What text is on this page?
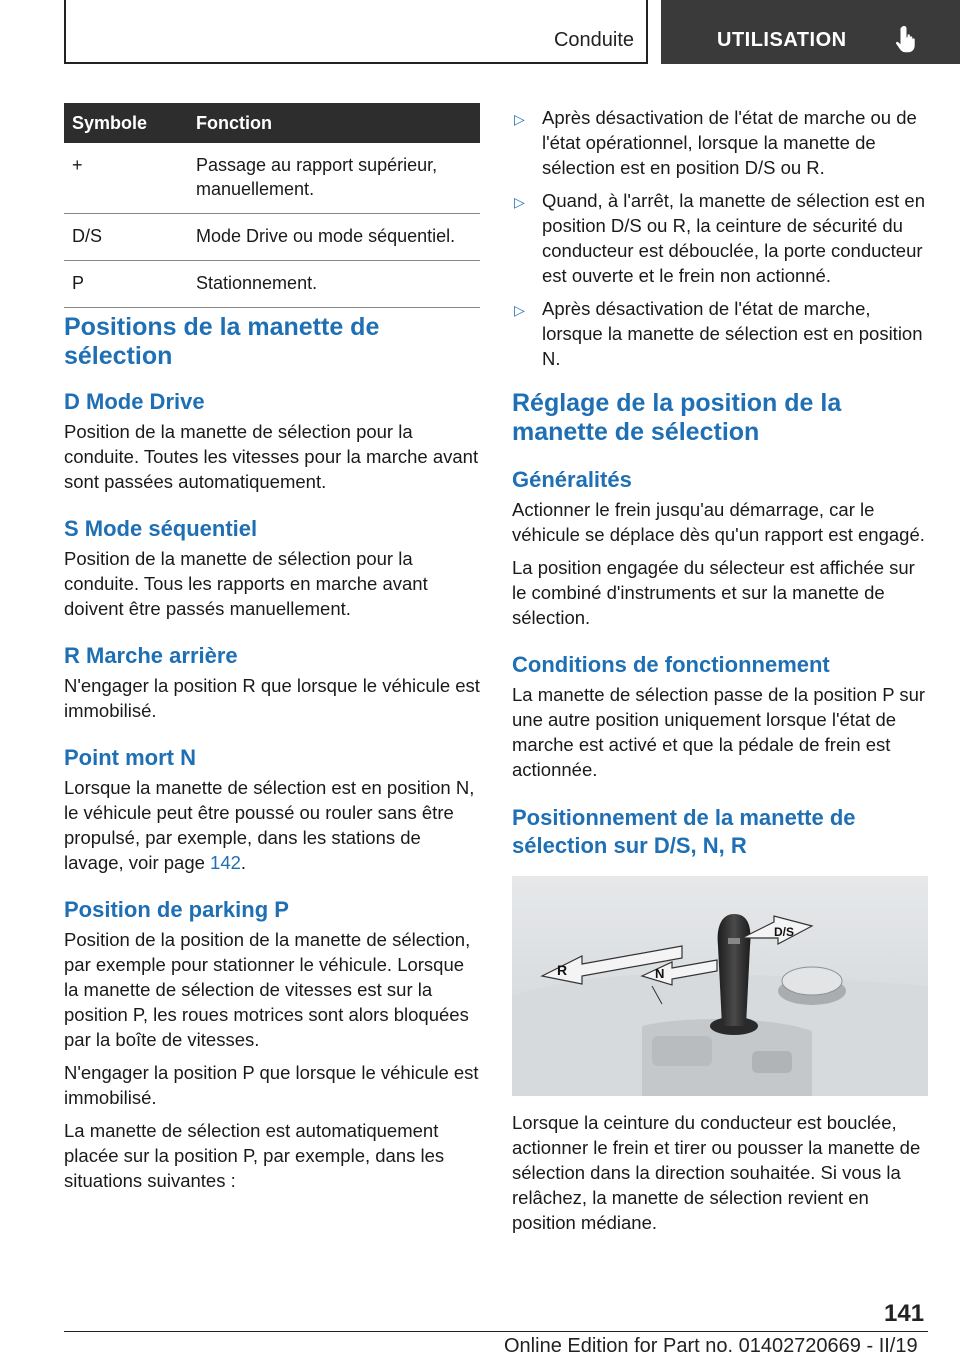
Conduite	UTILISATION
Symbole	Fonction
+	Passage au rapport supérieur, manuellement.
D/S	Mode Drive ou mode séquentiel.
P	Stationnement.
Positions de la manette de sélection
D Mode Drive

Position de la manette de sélection pour la conduite. Toutes les vitesses pour la marche avant sont passées automatiquement.

S Mode séquentiel

Position de la manette de sélection pour la conduite. Tous les rapports en marche avant doivent être passés manuellement.

R Marche arrière

N'engager la position R que lorsque le véhicule est immobilisé.

Point mort N

Lorsque la manette de sélection est en position N, le véhicule peut être poussé ou rouler sans être propulsé, par exemple, dans les stations de lavage, voir page 142.

Position de parking P

Position de la position de la manette de sélection, par exemple pour stationner le véhicule. Lorsque la manette de sélection de vitesses est sur la position P, les roues motrices sont alors bloquées par la boîte de vitesses.

N'engager la position P que lorsque le véhicule est immobilisé.

La manette de sélection est automatiquement placée sur la position P, par exemple, dans les situations suivantes :

▷ Après désactivation de l'état de marche ou de l'état opérationnel, lorsque la manette de sélection est en position D/S ou R.
▷ Quand, à l'arrêt, la manette de sélection est en position D/S ou R, la ceinture de sécurité du conducteur est débouclée, la porte conducteur est ouverte et le frein non actionné.
▷ Après désactivation de l'état de marche, lorsque la manette de sélection est en position N.
Réglage de la position de la manette de sélection
Généralités

Actionner le frein jusqu'au démarrage, car le véhicule se déplace dès qu'un rapport est engagé.

La position engagée du sélecteur est affichée sur le combiné d'instruments et sur la manette de sélection.

Conditions de fonctionnement

La manette de sélection passe de la position P sur une autre position uniquement lorsque l'état de marche est activé et que la pédale de frein est actionnée.

Positionnement de la manette de sélection sur D/S, N, R
R	N
D/S

Lorsque la ceinture du conducteur est bouclée, actionner le frein et tirer ou pousser la manette de sélection dans la direction souhaitée. Si vous la relâchez, la manette de sélection revient en position médiane.

141
Online Edition for Part no. 01402720669 - II/19
